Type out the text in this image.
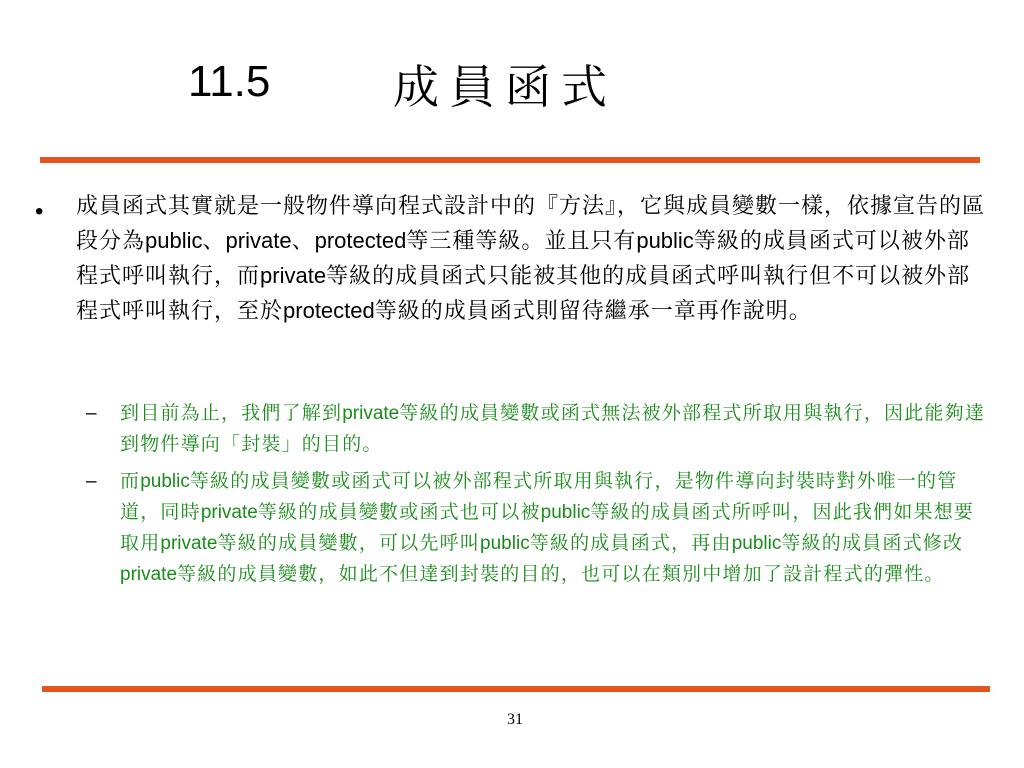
11.5	成員函式
• 成員函式其實就是一般物件導向程式設計中的『方法』，它與成員變數一樣，依據宣告的區段分為public、private、protected等三種等級。並且只有public等級的成員函式可以被外部程式呼叫執行，而private等級的成員函式只能被其他的成員函式呼叫執行但不可以被外部程式呼叫執行，至於protected等級的成員函式則留待繼承一章再作說明。

– 到目前為止，我們了解到private等級的成員變數或函式無法被外部程式所取用與執行，因此能夠達到物件導向「封裝」的目的。
– 而public等級的成員變數或函式可以被外部程式所取用與執行，是物件導向封裝時對外唯一的管道，同時private等級的成員變數或函式也可以被public等級的成員函式所呼叫，因此我們如果想要取用private等級的成員變數，可以先呼叫public等級的成員函式，再由public等級的成員函式修改private等級的成員變數，如此不但達到封裝的目的，也可以在類別中增加了設計程式的彈性。
31
